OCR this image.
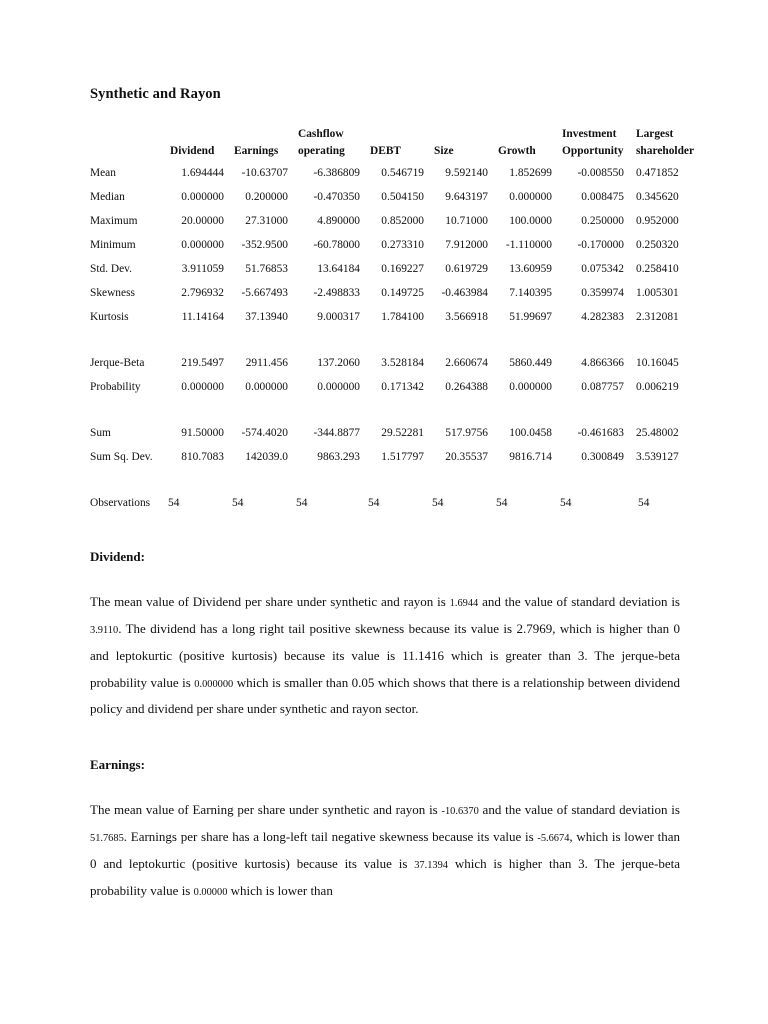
Synthetic and Rayon
			Cashflow				Investment	Largest
	Dividend	Earnings	operating	DEBT	Size	Growth	Opportunity	shareholder
Mean	1.694444	-10.63707	-6.386809	0.546719	9.592140	1.852699	-0.008550	0.471852
Median	0.000000	0.200000	-0.470350	0.504150	9.643197	0.000000	0.008475	0.345620
Maximum	20.00000	27.31000	4.890000	0.852000	10.71000	100.0000	0.250000	0.952000
Minimum	0.000000	-352.9500	-60.78000	0.273310	7.912000	-1.110000	-0.170000	0.250320
Std. Dev.	3.911059	51.76853	13.64184	0.169227	0.619729	13.60959	0.075342	0.258410
Skewness	2.796932	-5.667493	-2.498833	0.149725	-0.463984	7.140395	0.359974	1.005301
Kurtosis	11.14164	37.13940	9.000317	1.784100	3.566918	51.99697	4.282383	2.312081

Jerque-Beta	219.5497	2911.456	137.2060	3.528184	2.660674	5860.449	4.866366	10.16045
Probability	0.000000	0.000000	0.000000	0.171342	0.264388	0.000000	0.087757	0.006219

Sum	91.50000	-574.4020	-344.8877	29.52281	517.9756	100.0458	-0.461683	25.48002
Sum Sq. Dev.	810.7083	142039.0	9863.293	1.517797	20.35537	9816.714	0.300849	3.539127

Observations	54	54	54	54	54	54	54	54
Dividend:

The mean value of Dividend per share under synthetic and rayon is 1.6944 and the value of standard deviation is 3.9110. The dividend has a long right tail positive skewness because its value is 2.7969, which is higher than 0 and leptokurtic (positive kurtosis) because its value is 11.1416 which is greater than 3. The jerque-beta probability value is 0.000000 which is smaller than 0.05 which shows that there is a relationship between dividend policy and dividend per share under synthetic and rayon sector.

Earnings:

The mean value of Earning per share under synthetic and rayon is -10.6370 and the value of standard deviation is 51.7685. Earnings per share has a long-left tail negative skewness because its value is -5.6674, which is lower than 0 and leptokurtic (positive kurtosis) because its value is 37.1394 which is higher than 3. The jerque-beta probability value is 0.00000 which is lower than
